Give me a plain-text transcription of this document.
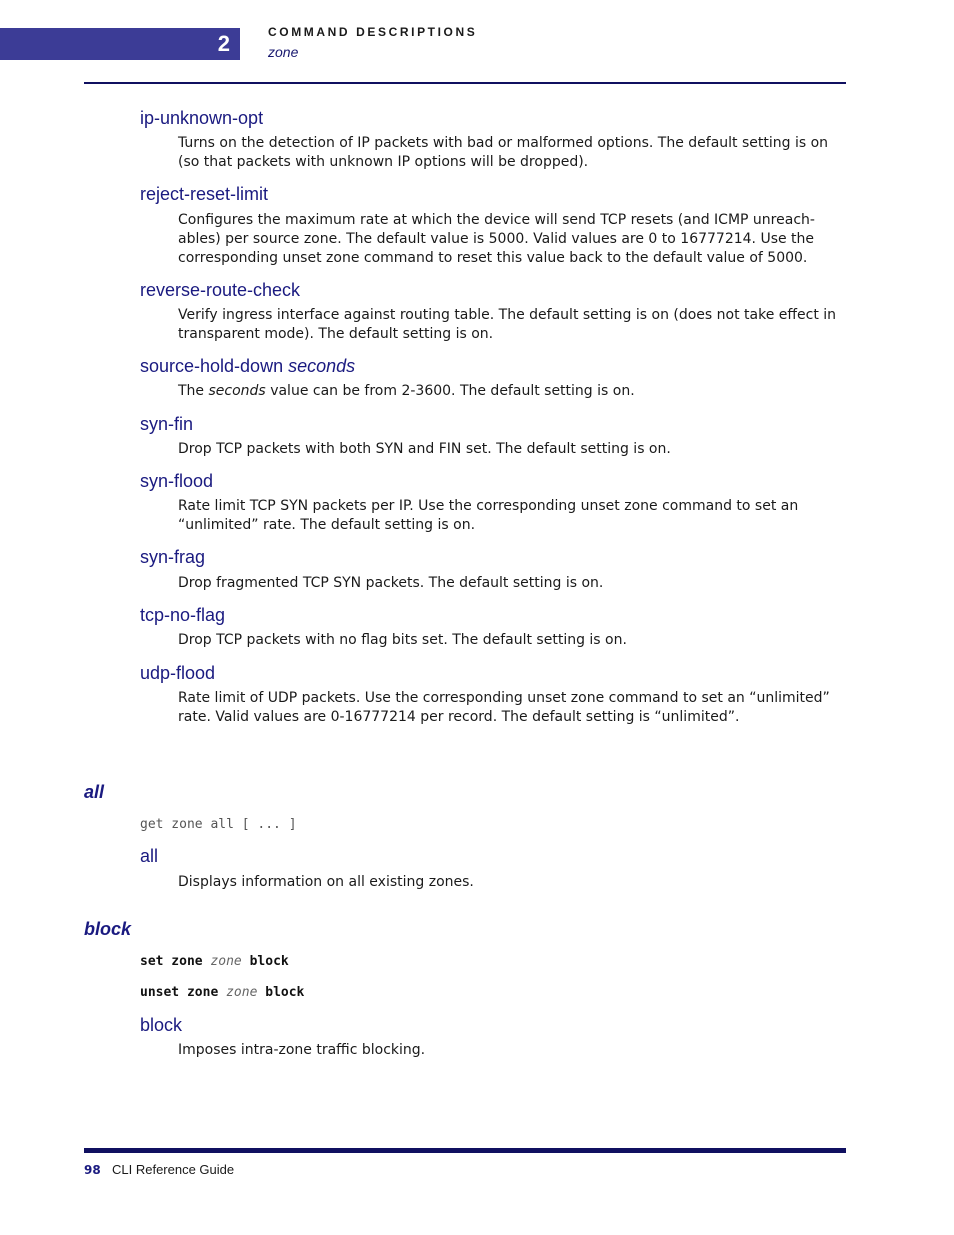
2	COMMAND DESCRIPTIONS
zone
ip-unknown-opt
Turns on the detection of IP packets with bad or malformed options. The default setting is on (so that packets with unknown IP options will be dropped).
reject-reset-limit
Configures the maximum rate at which the device will send TCP resets (and ICMP unreach-ables) per source zone. The default value is 5000. Valid values are 0 to 16777214. Use the corresponding unset zone command to reset this value back to the default value of 5000.
reverse-route-check
Verify ingress interface against routing table. The default setting is on (does not take effect in transparent mode). The default setting is on.
source-hold-down seconds
The seconds value can be from 2-3600. The default setting is on.
syn-fin
Drop TCP packets with both SYN and FIN set. The default setting is on.
syn-flood
Rate limit TCP SYN packets per IP. Use the corresponding unset zone command to set an “unlimited” rate. The default setting is on.
syn-frag
Drop fragmented TCP SYN packets. The default setting is on.
tcp-no-flag
Drop TCP packets with no flag bits set. The default setting is on.
udp-flood
Rate limit of UDP packets. Use the corresponding unset zone command to set an “unlimited” rate. Valid values are 0-16777214 per record. The default setting is “unlimited”.
all
get zone all [ ... ]
all
Displays information on all existing zones.
block
set zone zone block
unset zone zone block
block
Imposes intra-zone traffic blocking.
98 CLI Reference Guide
